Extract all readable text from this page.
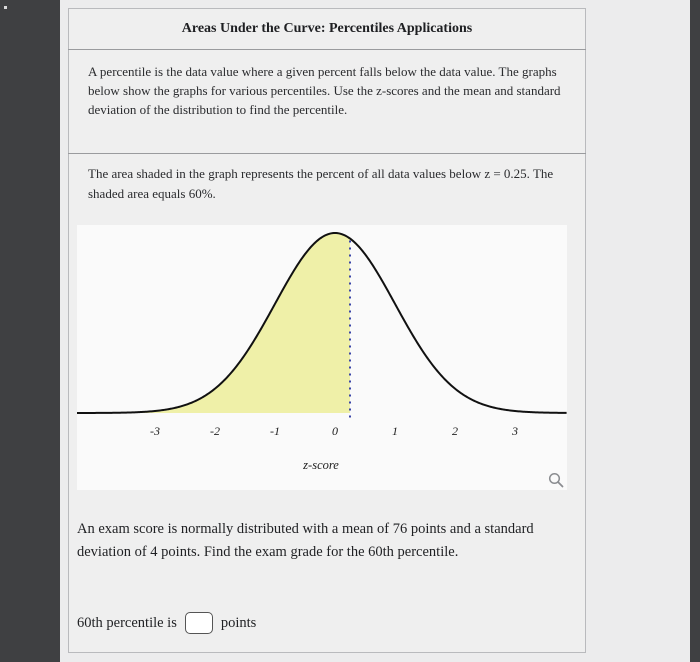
Areas Under the Curve: Percentiles Applications
A percentile is the data value where a given percent falls below the data value. The graphs below show the graphs for various percentiles. Use the z-scores and the mean and standard deviation of the distribution to find the percentile.
The area shaded in the graph represents the percent of all data values below z = 0.25. The shaded area equals 60%.
-3	-2	-1	0	1	2	3
z-score
An exam score is normally distributed with a mean of 76 points and a standard deviation of 4 points. Find the exam grade for the 60th percentile.
60th percentile is	points
